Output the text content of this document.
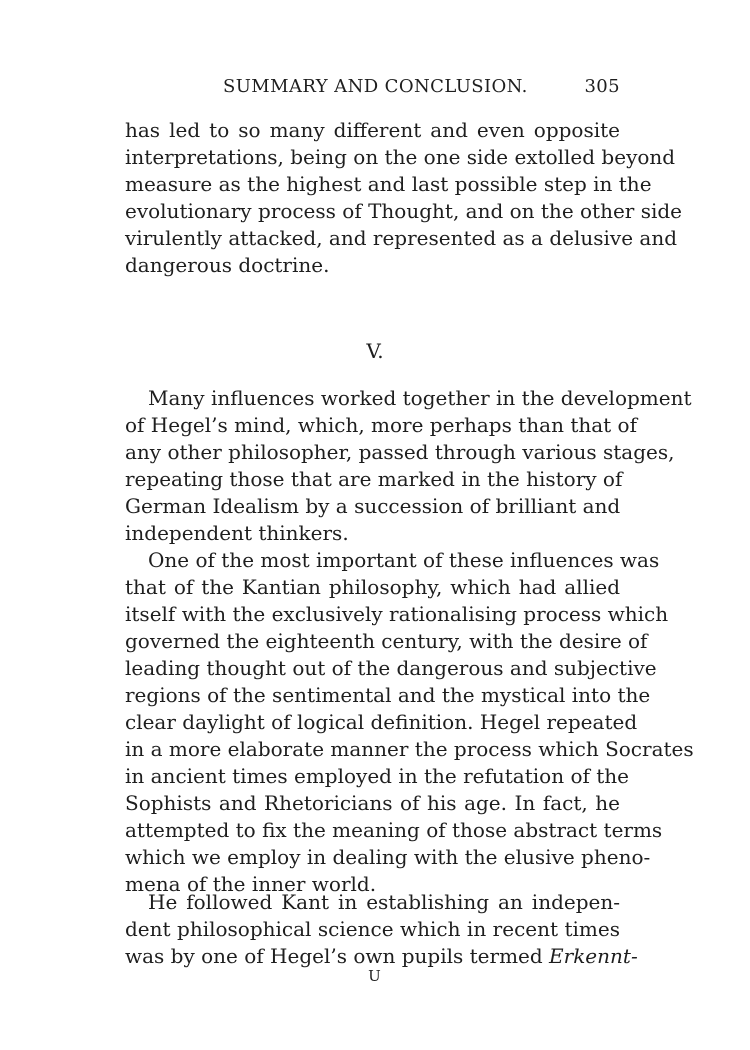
SUMMARY AND CONCLUSION.	305
has led to so many different and even opposite
interpretations, being on the one side extolled beyond
measure as the highest and last possible step in the
evolutionary process of Thought, and on the other side
virulently attacked, and represented as a delusive and
dangerous doctrine.
V.
Many influences worked together in the development
of Hegel’s mind, which, more perhaps than that of
any other philosopher, passed through various stages,
repeating those that are marked in the history of
German Idealism by a succession of brilliant and
independent thinkers.
One of the most important of these influences was
that of the Kantian philosophy, which had allied
itself with the exclusively rationalising process which
governed the eighteenth century, with the desire of
leading thought out of the dangerous and subjective
regions of the sentimental and the mystical into the
clear daylight of logical definition. Hegel repeated
in a more elaborate manner the process which Socrates
in ancient times employed in the refutation of the
Sophists and Rhetoricians of his age. In fact, he
attempted to fix the meaning of those abstract terms
which we employ in dealing with the elusive pheno-
mena of the inner world.
He followed Kant in establishing an indepen-
dent philosophical science which in recent times
was by one of Hegel’s own pupils termed Erkennt-
U
